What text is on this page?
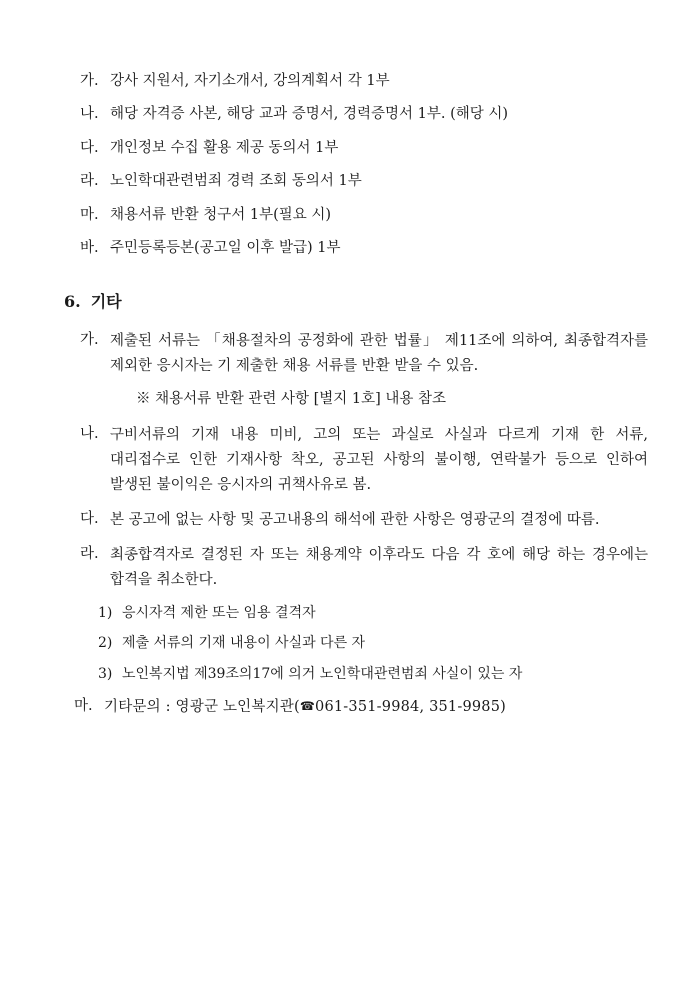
가. 강사 지원서, 자기소개서, 강의계획서 각 1부
나. 해당 자격증 사본, 해당 교과 증명서, 경력증명서 1부. (해당 시)
다. 개인정보 수집 활용 제공 동의서 1부
라. 노인학대관련범죄 경력 조회 동의서 1부
마. 채용서류 반환 청구서 1부(필요 시)
바. 주민등록등본(공고일 이후 발급) 1부
6. 기타
가. 제출된 서류는 「채용절차의 공정화에 관한 법률」 제11조에 의하여, 최종합격자를 제외한 응시자는 기 제출한 채용 서류를 반환 받을 수 있음.
※ 채용서류 반환 관련 사항 [별지 1호] 내용 참조
나. 구비서류의 기재 내용 미비, 고의 또는 과실로 사실과 다르게 기재 한 서류, 대리접수로 인한 기재사항 착오, 공고된 사항의 불이행, 연락불가 등으로 인하여 발생된 불이익은 응시자의 귀책사유로 봄.
다. 본 공고에 없는 사항 및 공고내용의 해석에 관한 사항은 영광군의 결정에 따름.
라. 최종합격자로 결정된 자 또는 채용계약 이후라도 다음 각 호에 해당 하는 경우에는 합격을 취소한다.
1) 응시자격 제한 또는 임용 결격자
2) 제출 서류의 기재 내용이 사실과 다른 자
3) 노인복지법 제39조의17에 의거 노인학대관련범죄 사실이 있는 자
마. 기타문의 : 영광군 노인복지관(☎061-351-9984, 351-9985)
